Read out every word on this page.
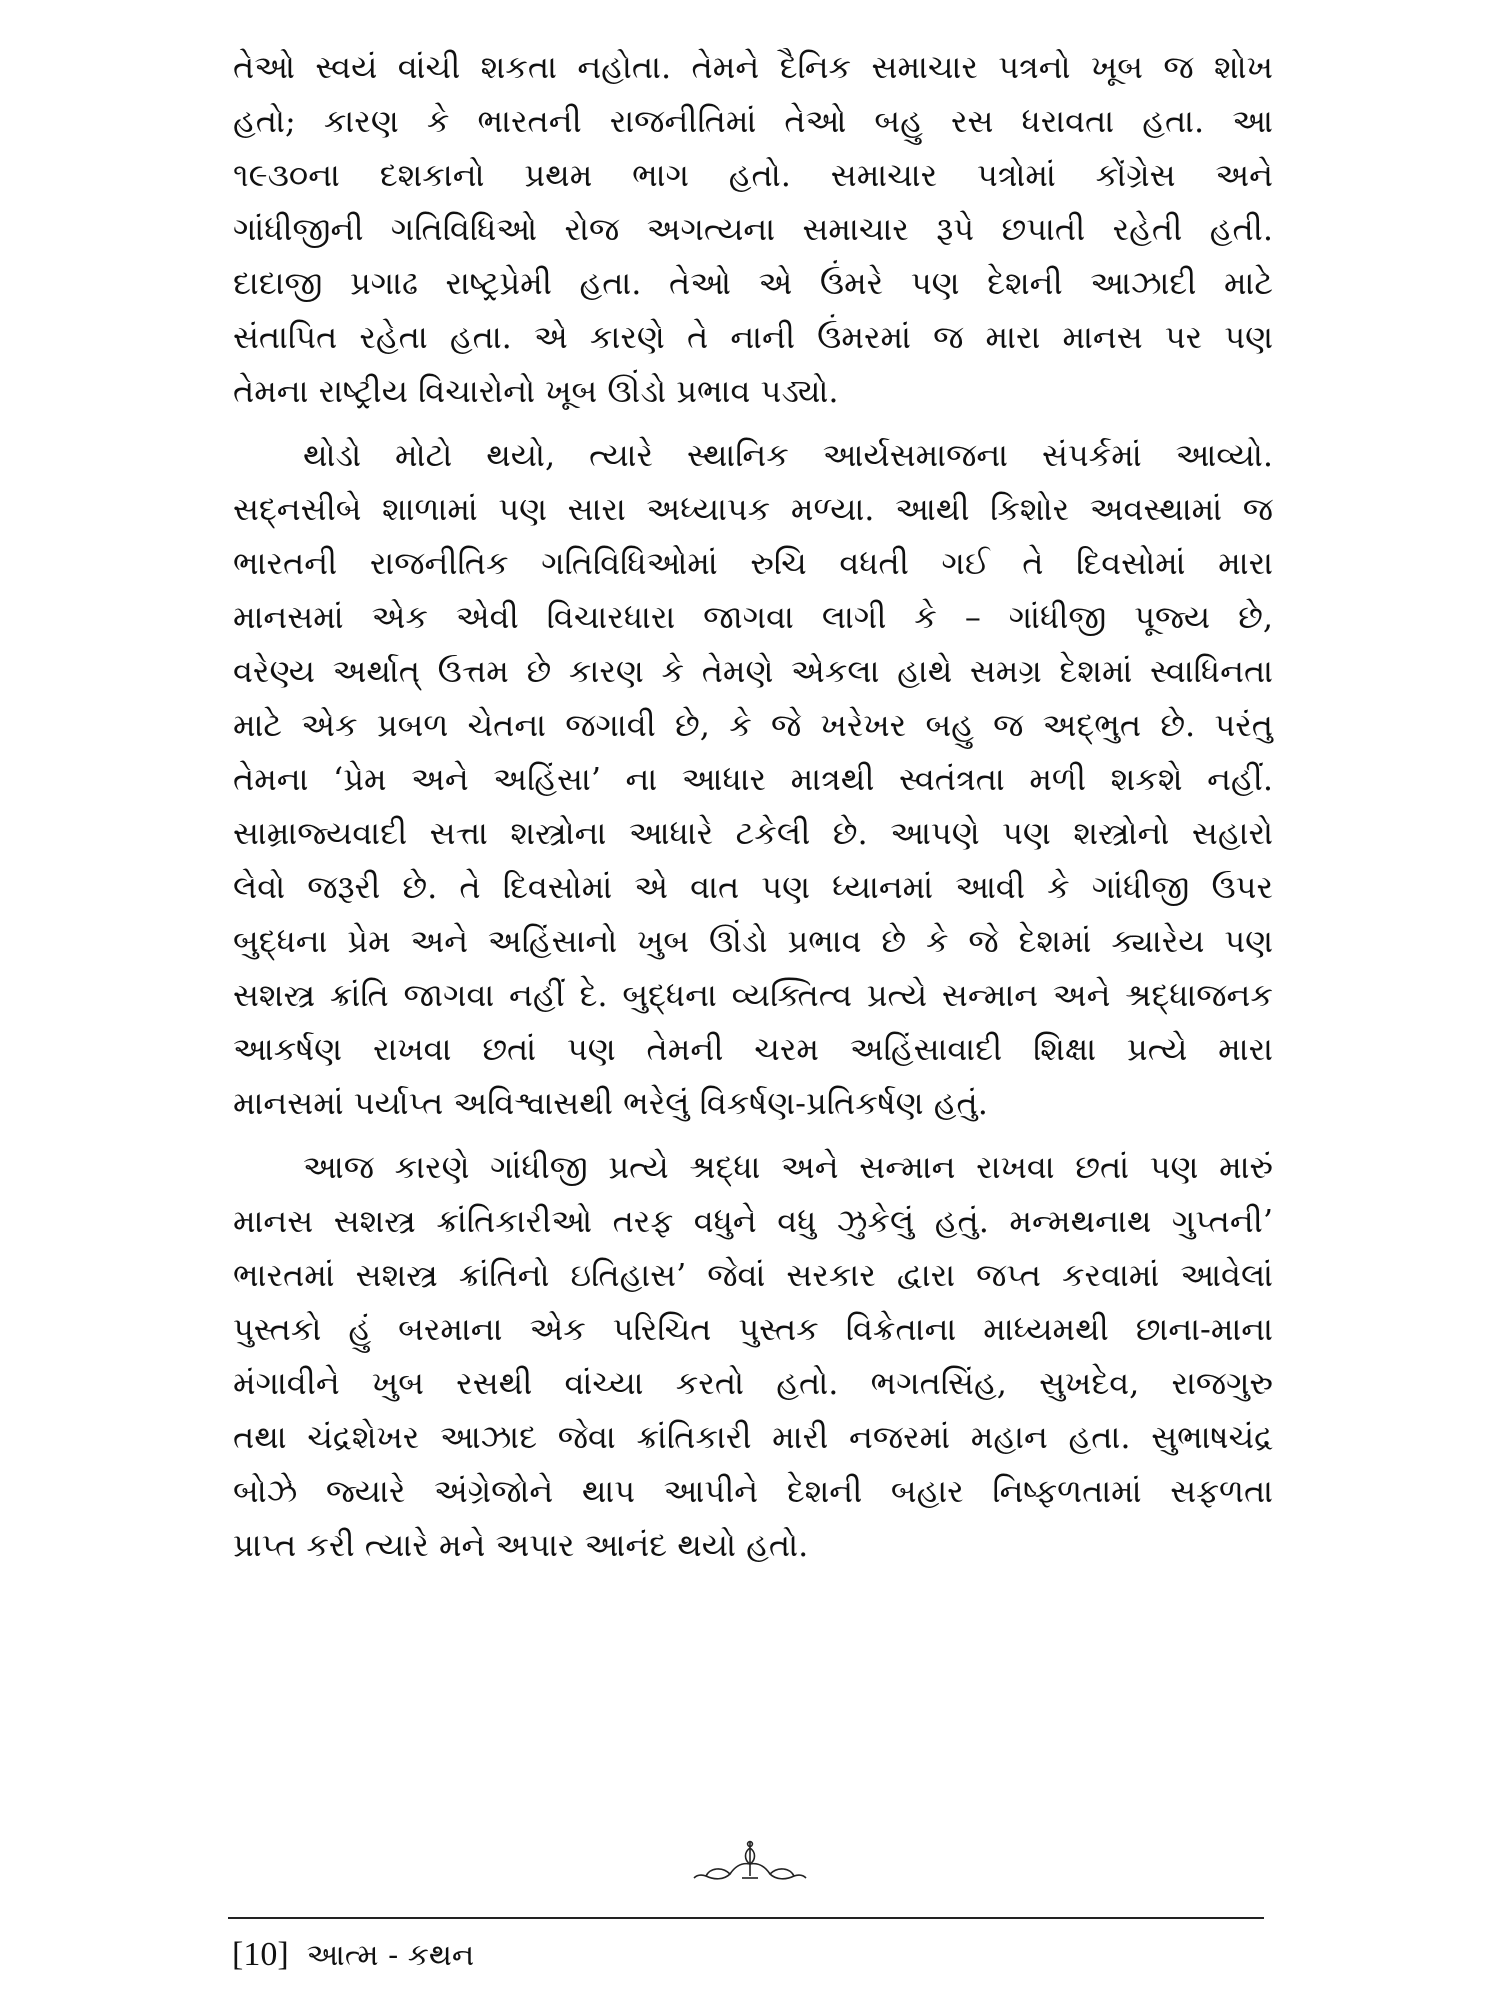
તેઓ સ્વયં વાંચી શકતા નહોતા. તેમને દૈનિક સમાચાર પત્રનો ખૂબ જ શોખ
હતો; કારણ કે ભારતની રાજનીતિમાં તેઓ બહુ રસ ધરાવતા હતા. આ
૧૯૩૦ના દશકાનો પ્રથમ ભાગ હતો. સમાચાર પત્રોમાં કોંગ્રેસ અને
ગાંધીજીની ગતિવિધિઓ રોજ અગત્યના સમાચાર રૂપે છપાતી રહેતી હતી.
દાદાજી પ્રગાઢ રાષ્ટ્રપ્રેમી હતા. તેઓ એ ઉંમરે પણ દેશની આઝાદી માટે
સંતાપિત રહેતા હતા. એ કારણે તે નાની ઉંમરમાં જ મારા માનસ પર પણ
તેમના રાષ્ટ્રીય વિચારોનો ખૂબ ઊંડો પ્રભાવ પડ્યો.

થોડો મોટો થયો, ત્યારે સ્થાનિક આર્યસમાજના સંપર્કમાં આવ્યો.
સદ્નસીબે શાળામાં પણ સારા અધ્યાપક મળ્યા. આથી કિશોર અવસ્થામાં જ
ભારતની રાજનીતિક ગતિવિધિઓમાં રુચિ વધતી ગઈ તે દિવસોમાં મારા
માનસમાં એક એવી વિચારધારા જાગવા લાગી કે – ગાંધીજી પૂજ્ય છે,
વરેણ્ય અર્થાત્ ઉત્તમ છે કારણ કે તેમણે એકલા હાથે સમગ્ર દેશમાં સ્વાધિનતા
માટે એક પ્રબળ ચેતના જગાવી છે, કે જે ખરેખર બહુ જ અદ્ભુત છે. પરંતુ
તેમના ‘પ્રેમ અને અહિંસા’ ના આધાર માત્રથી સ્વતંત્રતા મળી શકશે નહીં.
સામ્રાજ્યવાદી સત્તા શસ્ત્રોના આધારે ટકેલી છે. આપણે પણ શસ્ત્રોનો સહારો
લેવો જરૂરી છે. તે દિવસોમાં એ વાત પણ ધ્યાનમાં આવી કે ગાંધીજી ઉપર
બુદ્ધના પ્રેમ અને અહિંસાનો ખુબ ઊંડો પ્રભાવ છે કે જે દેશમાં ક્યારેય પણ
સશસ્ત્ર ક્રાંતિ જાગવા નહીં દે. બુદ્ધના વ્યક્તિત્વ પ્રત્યે સન્માન અને શ્રદ્ધાજનક
આકર્ષણ રાખવા છતાં પણ તેમની ચરમ અહિંસાવાદી શિક્ષા પ્રત્યે મારા
માનસમાં પર્યાપ્ત અવિશ્વાસથી ભરેલું વિકર્ષણ-પ્રતિકર્ષણ હતું.

આજ કારણે ગાંધીજી પ્રત્યે શ્રદ્ધા અને સન્માન રાખવા છતાં પણ મારું
માનસ સશસ્ત્ર ક્રાંતિકારીઓ તરફ વધુને વધુ ઝુકેલું હતું. મન્મથનાથ ગુપ્તની’
ભારતમાં સશસ્ત્ર ક્રાંતિનો ઇતિહાસ’ જેવાં સરકાર દ્વારા જપ્ત કરવામાં આવેલાં
પુસ્તકો હું બરમાના એક પરિચિત પુસ્તક વિક્રેતાના માધ્યમથી છાના-માના
મંગાવીને ખુબ રસથી વાંચ્યા કરતો હતો. ભગતસિંહ, સુખદેવ, રાજગુરુ
તથા ચંદ્રશેખર આઝાદ જેવા ક્રાંતિકારી મારી નજરમાં મહાન હતા. સુભાષચંદ્ર
બોઝે જ્યારે અંગ્રેજોને થાપ આપીને દેશની બહાર નિષ્ફળતામાં સફળતા
પ્રાપ્ત કરી ત્યારે મને અપાર આનંદ થયો હતો.

[10] આત્મ - કથન
